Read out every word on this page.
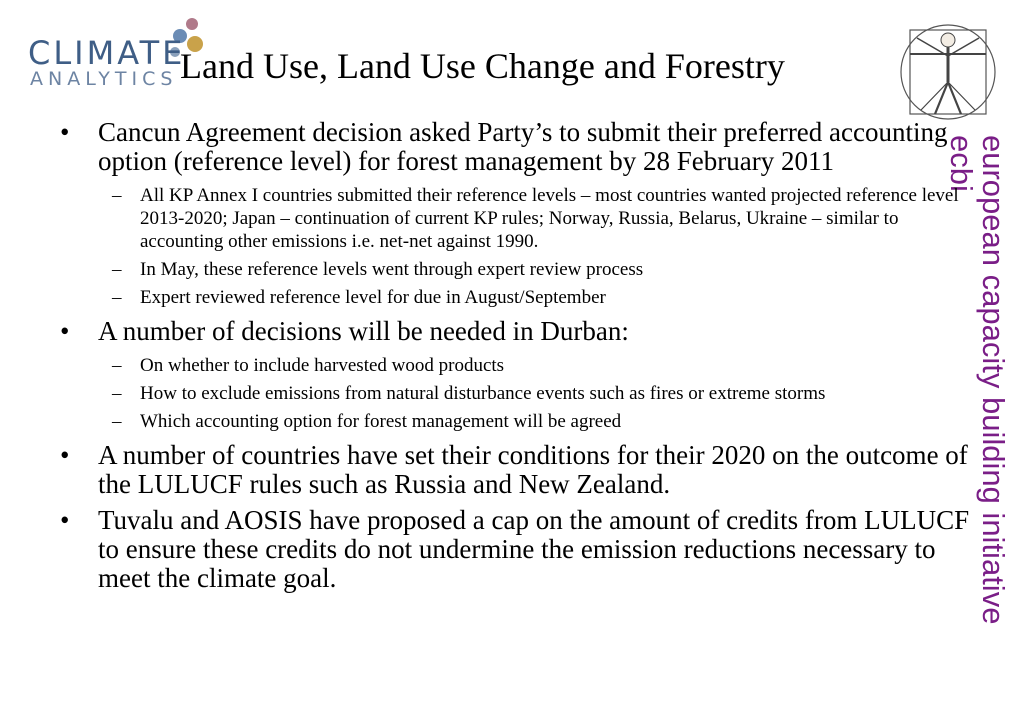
CLIMATE
ANALYTICS Land Use, Land Use Change and Forestry
european capacity building initiative
ecbi
• Cancun Agreement decision asked Party’s to submit their preferred accounting option (reference level) for forest management by 28 February 2011
– All KP Annex I countries submitted their reference levels – most countries wanted projected reference level 2013-2020; Japan – continuation of current KP rules; Norway, Russia, Belarus, Ukraine – similar to accounting other emissions i.e. net-net against 1990.
– In May, these reference levels went through expert review process
– Expert reviewed reference level for due in August/September
• A number of decisions will be needed in Durban:
– On whether to include harvested wood products
– How to exclude emissions from natural disturbance events such as fires or extreme storms
– Which accounting option for forest management will be agreed
• A number of countries have set their conditions for their 2020 on the outcome of the LULUCF rules such as Russia and New Zealand.
• Tuvalu and AOSIS have proposed a cap on the amount of credits from LULUCF to ensure these credits do not undermine the emission reductions necessary to meet the climate goal.
